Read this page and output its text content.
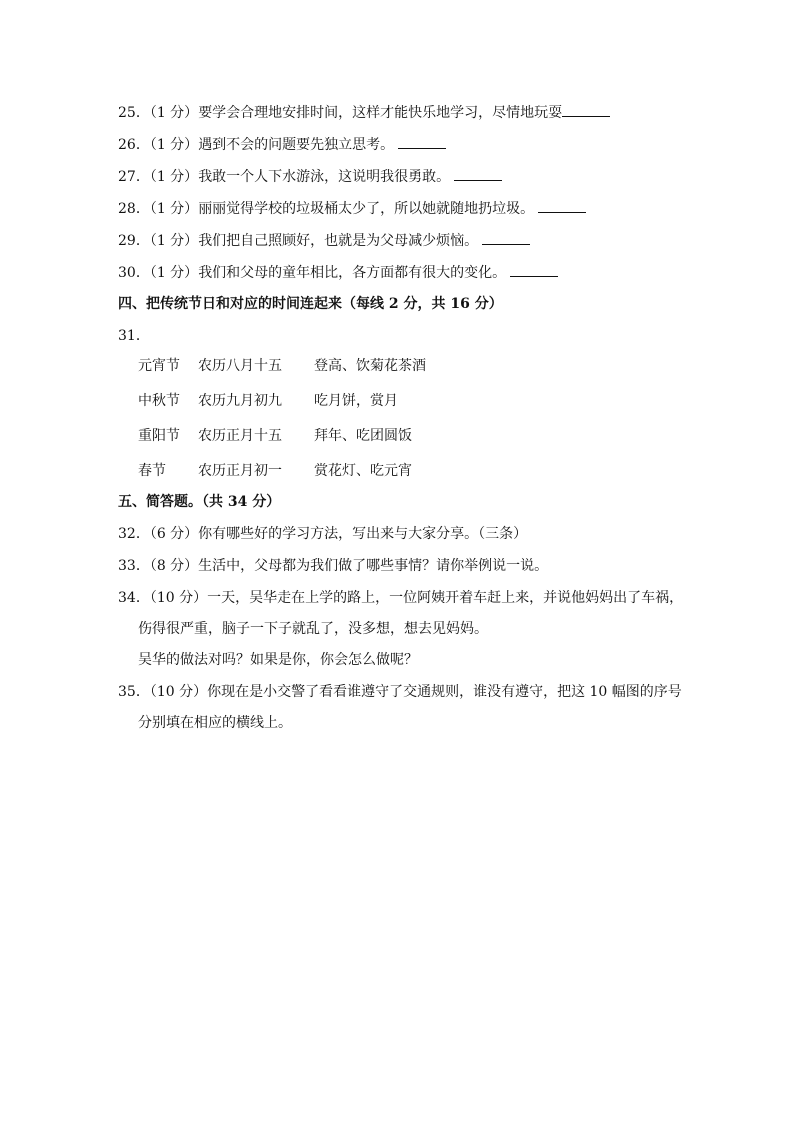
25．（1 分）要学会合理地安排时间，这样才能快乐地学习，尽情地玩耍
26．（1 分）遇到不会的问题要先独立思考。
27．（1 分）我敢一个人下水游泳，这说明我很勇敢。
28．（1 分）丽丽觉得学校的垃圾桶太少了，所以她就随地扔垃圾。
29．（1 分）我们把自己照顾好，也就是为父母减少烦恼。
30．（1 分）我们和父母的童年相比，各方面都有很大的变化。
四、把传统节日和对应的时间连起来（每线 2 分，共 16 分）
31．
元宵节 农历八月十五 登高、饮菊花茶酒
中秋节 农历九月初九 吃月饼，赏月
重阳节 农历正月十五 拜年、吃团圆饭
春节 农历正月初一 赏花灯、吃元宵
五、简答题。（共 34 分）
32．（6 分）你有哪些好的学习方法，写出来与大家分享。（三条）
33．（8 分）生活中，父母都为我们做了哪些事情？请你举例说一说。
34．（10 分）一天，吴华走在上学的路上，一位阿姨开着车赶上来，并说他妈妈出了车祸，
伤得很严重，脑子一下子就乱了，没多想，想去见妈妈。
吴华的做法对吗？如果是你，你会怎么做呢？
35．（10 分）你现在是小交警了看看谁遵守了交通规则，谁没有遵守，把这 10 幅图的序号
分别填在相应的横线上。
